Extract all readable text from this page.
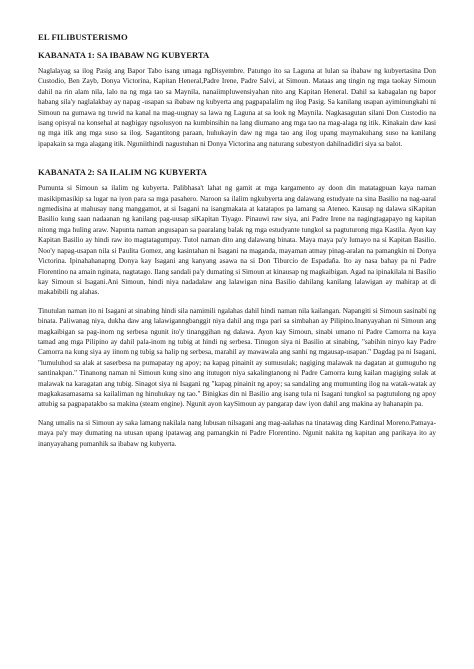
EL FILIBUSTERISMO
KABANATA 1: SA IBABAW NG KUBYERTA

Naglalayag sa ilog Pasig ang Bapor Tabo isang umaga ngDisyembre. Patungo ito sa Laguna at lulan sa ibabaw ng kubyertasina Don Custodio, Ben Zayb, Donya Victorina, Kapitan Heneral,Padre Irene, Padre Salvi, at Simoun. Mataas ang tingin ng mga taokay Simoun dahil na rin alam nila, lalo na ng mga tao sa Maynila, nanaiimpluwensiyahan nito ang Kapitan Heneral. Dahil sa kabagalan ng bapor habang sila'y naglalakbay ay napag -usapan sa ibabaw ng kubyerta ang pagpapalalim ng ilog Pasig. Sa kanilang usapan ayiminungkahi ni Simoun na gumawa ng tuwid na kanal na mag-uugnay sa lawa ng Laguna at sa look ng Maynila. Nagkasagutan silani Don Custodio na isang opisyal na konsehal at nagbigay ngsolusyon na kumbinsihin na lang diumano ang mga tao na mag-alaga ng itik. Kinakain daw kasi ng mga itik ang mga suso sa ilog. Sagantitong paraan, huhukayin daw ng mga tao ang ilog upang maymakuhang suso na kanilang ipapakain sa mga alagang itik. Nguniithindi nagustuhan ni Donya Victorina ang naturang subestyon dahilnadidiri siya sa balot.

KABANATA 2: SA ILALIM NG KUBYERTA

Pumunta si Simoun sa ilalim ng kubyerta. Palibhasa't lahat ng gamit at mga kargamento ay doon din matatagpuan kaya naman masikipmasikip sa lugar na iyon para sa mga pasahero. Naroon sa ilalim ngkubyerta ang dalawang estudyate na sina Basilio na nag-aaral ngmedisina at mahusay nang manggamot, at si Isagani na isangmakata at katatapos pa lamang sa Ateneo. Kausap ng dalawa siKapitan Basilio kung saan nadaanan ng kanilang pag-uusap siKapitan Tiyago. Pinauwi raw siya, ani Padre Irene na nagingtagapayo ng kapitan nitong mga huling araw. Napunta naman angusapan sa paaralang balak ng mga estudyante tungkol sa pagtuturong mga Kastila. Ayon kay Kapitan Basilio ay hindi raw ito magtatagumpay. Tutol naman dito ang dalawang binata. Maya maya pa'y lumayo na si Kapitan Basilio. Noo'y napag-usapan nila si Paulita Gomez, ang kasintahan ni Isagani na maganda, mayaman atmay pinag-aralan na pamangkin ni Donya Victorina. Ipinahahanapng Donya kay Isagani ang kanyang asawa na si Don Tiburcio de Espadaña. Ito ay nasa bahay pa ni Padre Florentino na amain nginata, nagtatago. Ilang sandali pa'y dumating si Simoun at kinausap ng magkaibigan. Agad na ipinakilala ni Basilio kay Simoun si Isagani.Ani Simoun, hindi niya nadadalaw ang lalawigan nina Basilio dahilang kanilang lalawigan ay mahirap at di makabibili ng alahas.

Tinutulan naman ito ni Isagani at sinabing hindi sila namimili ngalahas dahil hindi naman nila kailangan. Napangiti si Simoun sasinabi ng binata. Paliwanag niya, dukha daw ang lalawiganngbanggit niya dahil ang mga pari sa simbahan ay Pilipino.Inanyayahan ni Simoun ang magkaibigan sa pag-inom ng serbesa ngunit ito'y tinanggihan ng dalawa. Ayon kay Simoun, sinabi umano ni Padre Camorra na kaya tamad ang mga Pilipino ay dahil pala-inom ng tubig at hindi ng serbesa. Tinugon siya ni Basilio at sinabing, "sabihin ninyo kay Padre Camorra na kung siya ay iinom ng tubig sa halip ng serbesa, marahil ay mawawala ang sanhi ng mgausap-usapan." Dagdag pa ni Isagani, "lumuluhod sa alak at saserbesa na pumapatay ng apoy; na kapag pinainit ay sumusulak; nagiging malawak na dagatan at gumuguho ng santinakpan." Tinanong naman ni Simoun kung sino ang itutugon niya sakalingtanong ni Padre Camorra kung kailan magiging sulak at malawak na karagatan ang tubig. Sinagot siya ni Isagani ng "kapag pinainit ng apoy; sa sandaling ang mumunting ilog na watak-watak ay magkakasamasama sa kailaliman ng hinuhukay ng tao." Binigkas din ni Basilio ang isang tula ni Isagani tungkol sa pagtutulong ng apoy attubig sa pagpapatakbo sa makina (steam engine). Ngunit ayon kaySimoun ay pangarap daw iyon dahil ang makina ay hahanapin pa.

Nang umalis na si Simoun ay saka lamang nakilala nang lubusan nilsagani ang mag-aalahas na tinatawag ding Kardinal Moreno.Pamaya- maya pa'y may dumating na utusan upang ipatawag ang pamangkin ni Padre Florentino. Ngunit nakita ng kapitan ang parikaya ito ay inanyayahang pumanhik sa ibabaw ng kubyerta.
